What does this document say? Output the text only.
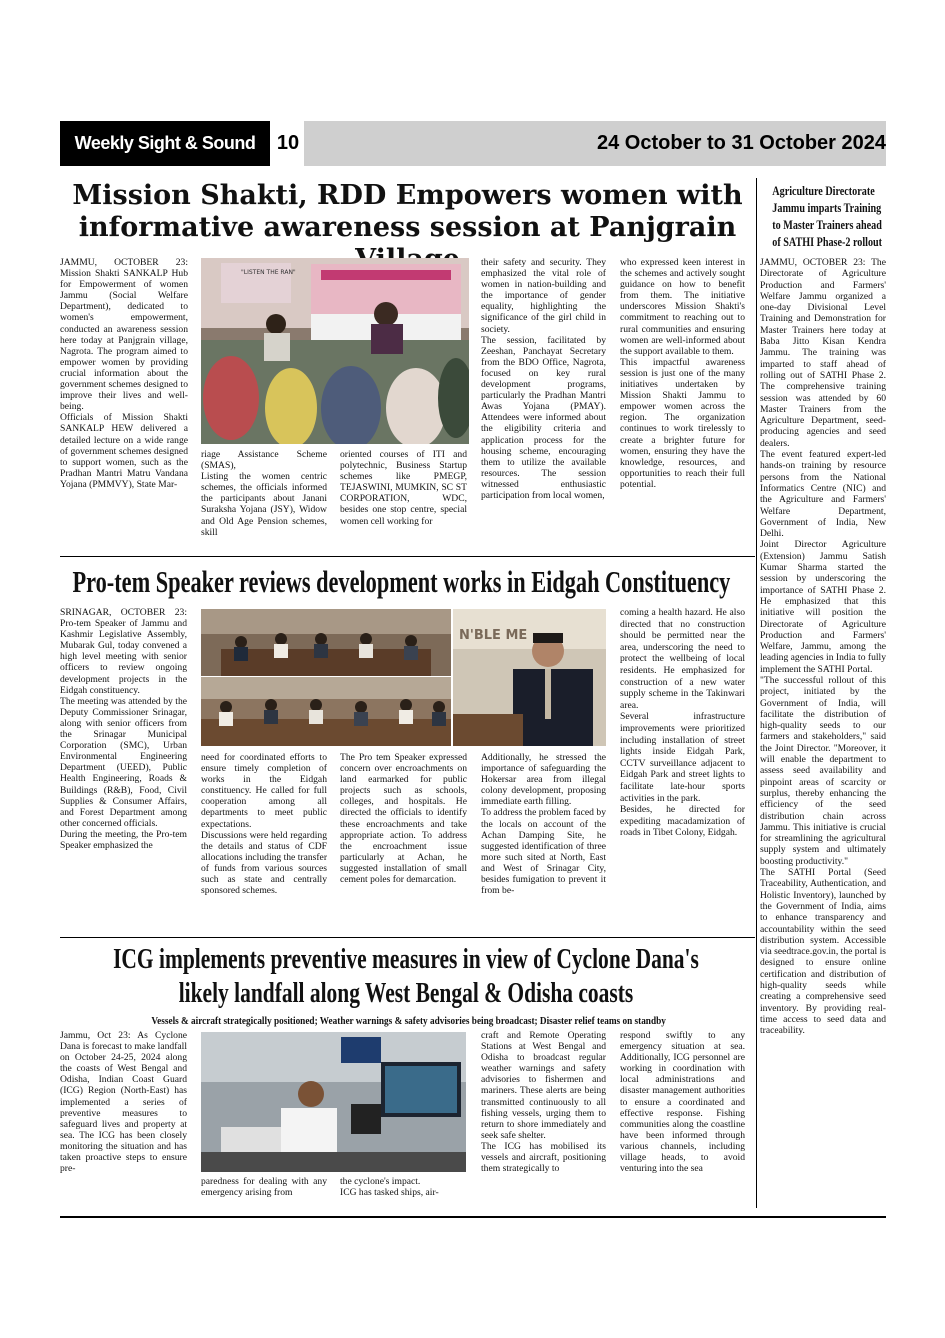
Weekly Sight & Sound	10	24 October to 31 October 2024
Mission Shakti, RDD Empowers women with
informative awareness session at Panjgrain
"LISTEN THE RAN"

JAMMU, OCTOBER 23: Mission Shakti SANKALP Hub for Empowerment of women Jammu (Social Welfare Department), dedicated to women's empowerment, conducted an awareness session here today at Panjgrain village, Nagrota. The program aimed to empower women by providing crucial information about the government schemes designed to improve their lives and well-being.

Officials of Mission Shakti SANKALP HEW delivered a detailed lecture on a wide range of government schemes designed to support women, such as the Pradhan Mantri Matru Vandana Yojana (PMMVY), State Mar-

riage Assistance Scheme (SMAS),

Listing the women centric schemes, the officials informed the participants about Janani Suraksha Yojana (JSY), Widow and Old Age Pension schemes, skill

oriented courses of ITI and polytechnic, Business Startup schemes like PMEGP, TEJASWINI, MUMKIN, SC ST CORPORATION, WDC, besides one stop centre, special women cell working for

their safety and security. They emphasized the vital role of women in nation-building and the importance of gender equality, highlighting the significance of the girl child in society.

The session, facilitated by Zeeshan, Panchayat Secretary from the BDO Office, Nagrota, focused on key rural development programs, particularly the Pradhan Mantri Awas Yojana (PMAY). Attendees were informed about the eligibility criteria and application process for the housing scheme, encouraging them to utilize the available resources. The session witnessed enthusiastic participation from local women,

who expressed keen interest in the schemes and actively sought guidance on how to benefit from them. The initiative underscores Mission Shakti's commitment to reaching out to rural communities and ensuring women are well-informed about the support available to them.

This impactful awareness session is just one of the many initiatives undertaken by Mission Shakti Jammu to empower women across the region. The organization continues to work tirelessly to create a brighter future for women, ensuring they have the knowledge, resources, and opportunities to reach their full potential.

Pro-tem Speaker reviews development works in Eidgah Constituency
N'BLE ME

SRINAGAR, OCTOBER 23: Pro-tem Speaker of Jammu and Kashmir Legislative Assembly, Mubarak Gul, today convened a high level meeting with senior officers to review ongoing development projects in the Eidgah constituency.

The meeting was attended by the Deputy Commissioner Srinagar, along with senior officers from the Srinagar Municipal Corporation (SMC), Urban Environmental Engineering Department (UEED), Public Health Engineering, Roads & Buildings (R&B), Food, Civil Supplies & Consumer Affairs, and Forest Department among other concerned officials.

During the meeting, the Pro-tem Speaker emphasized the

need for coordinated efforts to ensure timely completion of works in the Eidgah constituency. He called for full cooperation among all departments to meet public expectations.

Discussions were held regarding the details and status of CDF allocations including the transfer of funds from various sources such as state and centrally sponsored schemes.

The Pro tem Speaker expressed concern over encroachments on land earmarked for public projects such as schools, colleges, and hospitals. He directed the officials to identify these encroachments and take appropriate action. To address the encroachment issue particularly at Achan, he suggested installation of small cement poles for demarcation.

Additionally, he stressed the importance of safeguarding the Hokersar area from illegal colony development, proposing immediate earth filling.

To address the problem faced by the locals on account of the Achan Damping Site, he suggested identification of three more such sited at North, East and West of Srinagar City, besides fumigation to prevent it from be-

coming a health hazard. He also directed that no construction should be permitted near the area, underscoring the need to protect the wellbeing of local residents. He emphasized for construction of a new water supply scheme in the Takinwari area.

Several infrastructure improvements were prioritized including installation of street lights inside Eidgah Park, CCTV surveillance adjacent to Eidgah Park and street lights to facilitate late-hour sports activities in the park.

Besides, he directed for expediting macadamization of roads in Tibet Colony, Eidgah.

ICG implements preventive measures in view of Cyclone Dana's
likely landfall along West Bengal & Odisha coasts
Vessels & aircraft strategically positioned; Weather warnings & safety advisories being broadcast; Disaster relief teams on standby

Jammu, Oct 23: As Cyclone Dana is forecast to make landfall on October 24-25, 2024 along the coasts of West Bengal and Odisha, Indian Coast Guard (ICG) Region (North-East) has implemented a series of preventive measures to safeguard lives and property at sea. The ICG has been closely monitoring the situation and has taken proactive steps to ensure pre-

paredness for dealing with any emergency arising from

the cyclone's impact.

ICG has tasked ships, air-

craft and Remote Operating Stations at West Bengal and Odisha to broadcast regular weather warnings and safety advisories to fishermen and mariners. These alerts are being transmitted continuously to all fishing vessels, urging them to return to shore immediately and seek safe shelter.

The ICG has mobilised its vessels and aircraft, positioning them strategically to

respond swiftly to any emergency situation at sea. Additionally, ICG personnel are working in coordination with local administrations and disaster management authorities to ensure a coordinated and effective response. Fishing communities along the coastline have been informed through various channels, including village heads, to avoid venturing into the sea

Agriculture Directorate
Jammu imparts Training
to Master Trainers ahead
of SATHI Phase-2 rollout

JAMMU, OCTOBER 23: The Directorate of Agriculture Production and Farmers' Welfare Jammu organized a one-day Divisional Level Training and Demonstration for Master Trainers here today at Baba Jitto Kisan Kendra Jammu. The training was imparted to staff ahead of rolling out of SATHI Phase 2. The comprehensive training session was attended by 60 Master Trainers from the Agriculture Department, seed-producing agencies and seed dealers.

The event featured expert-led hands-on training by resource persons from the National Informatics Centre (NIC) and the Agriculture and Farmers' Welfare Department, Government of India, New Delhi.

Joint Director Agriculture (Extension) Jammu Satish Kumar Sharma started the session by underscoring the importance of SATHI Phase 2. He emphasized that this initiative will position the Directorate of Agriculture Production and Farmers' Welfare, Jammu, among the leading agencies in India to fully implement the SATHI Portal.

"The successful rollout of this project, initiated by the Government of India, will facilitate the distribution of high-quality seeds to our farmers and stakeholders," said the Joint Director. "Moreover, it will enable the department to assess seed availability and pinpoint areas of scarcity or surplus, thereby enhancing the efficiency of the seed distribution chain across Jammu. This initiative is crucial for streamlining the agricultural supply system and ultimately boosting productivity."

The SATHI Portal (Seed Traceability, Authentication, and Holistic Inventory), launched by the Government of India, aims to enhance transparency and accountability within the seed distribution system. Accessible via seedtrace.gov.in, the portal is designed to ensure online certification and distribution of high-quality seeds while creating a comprehensive seed inventory. By providing real-time access to seed data and traceability.
